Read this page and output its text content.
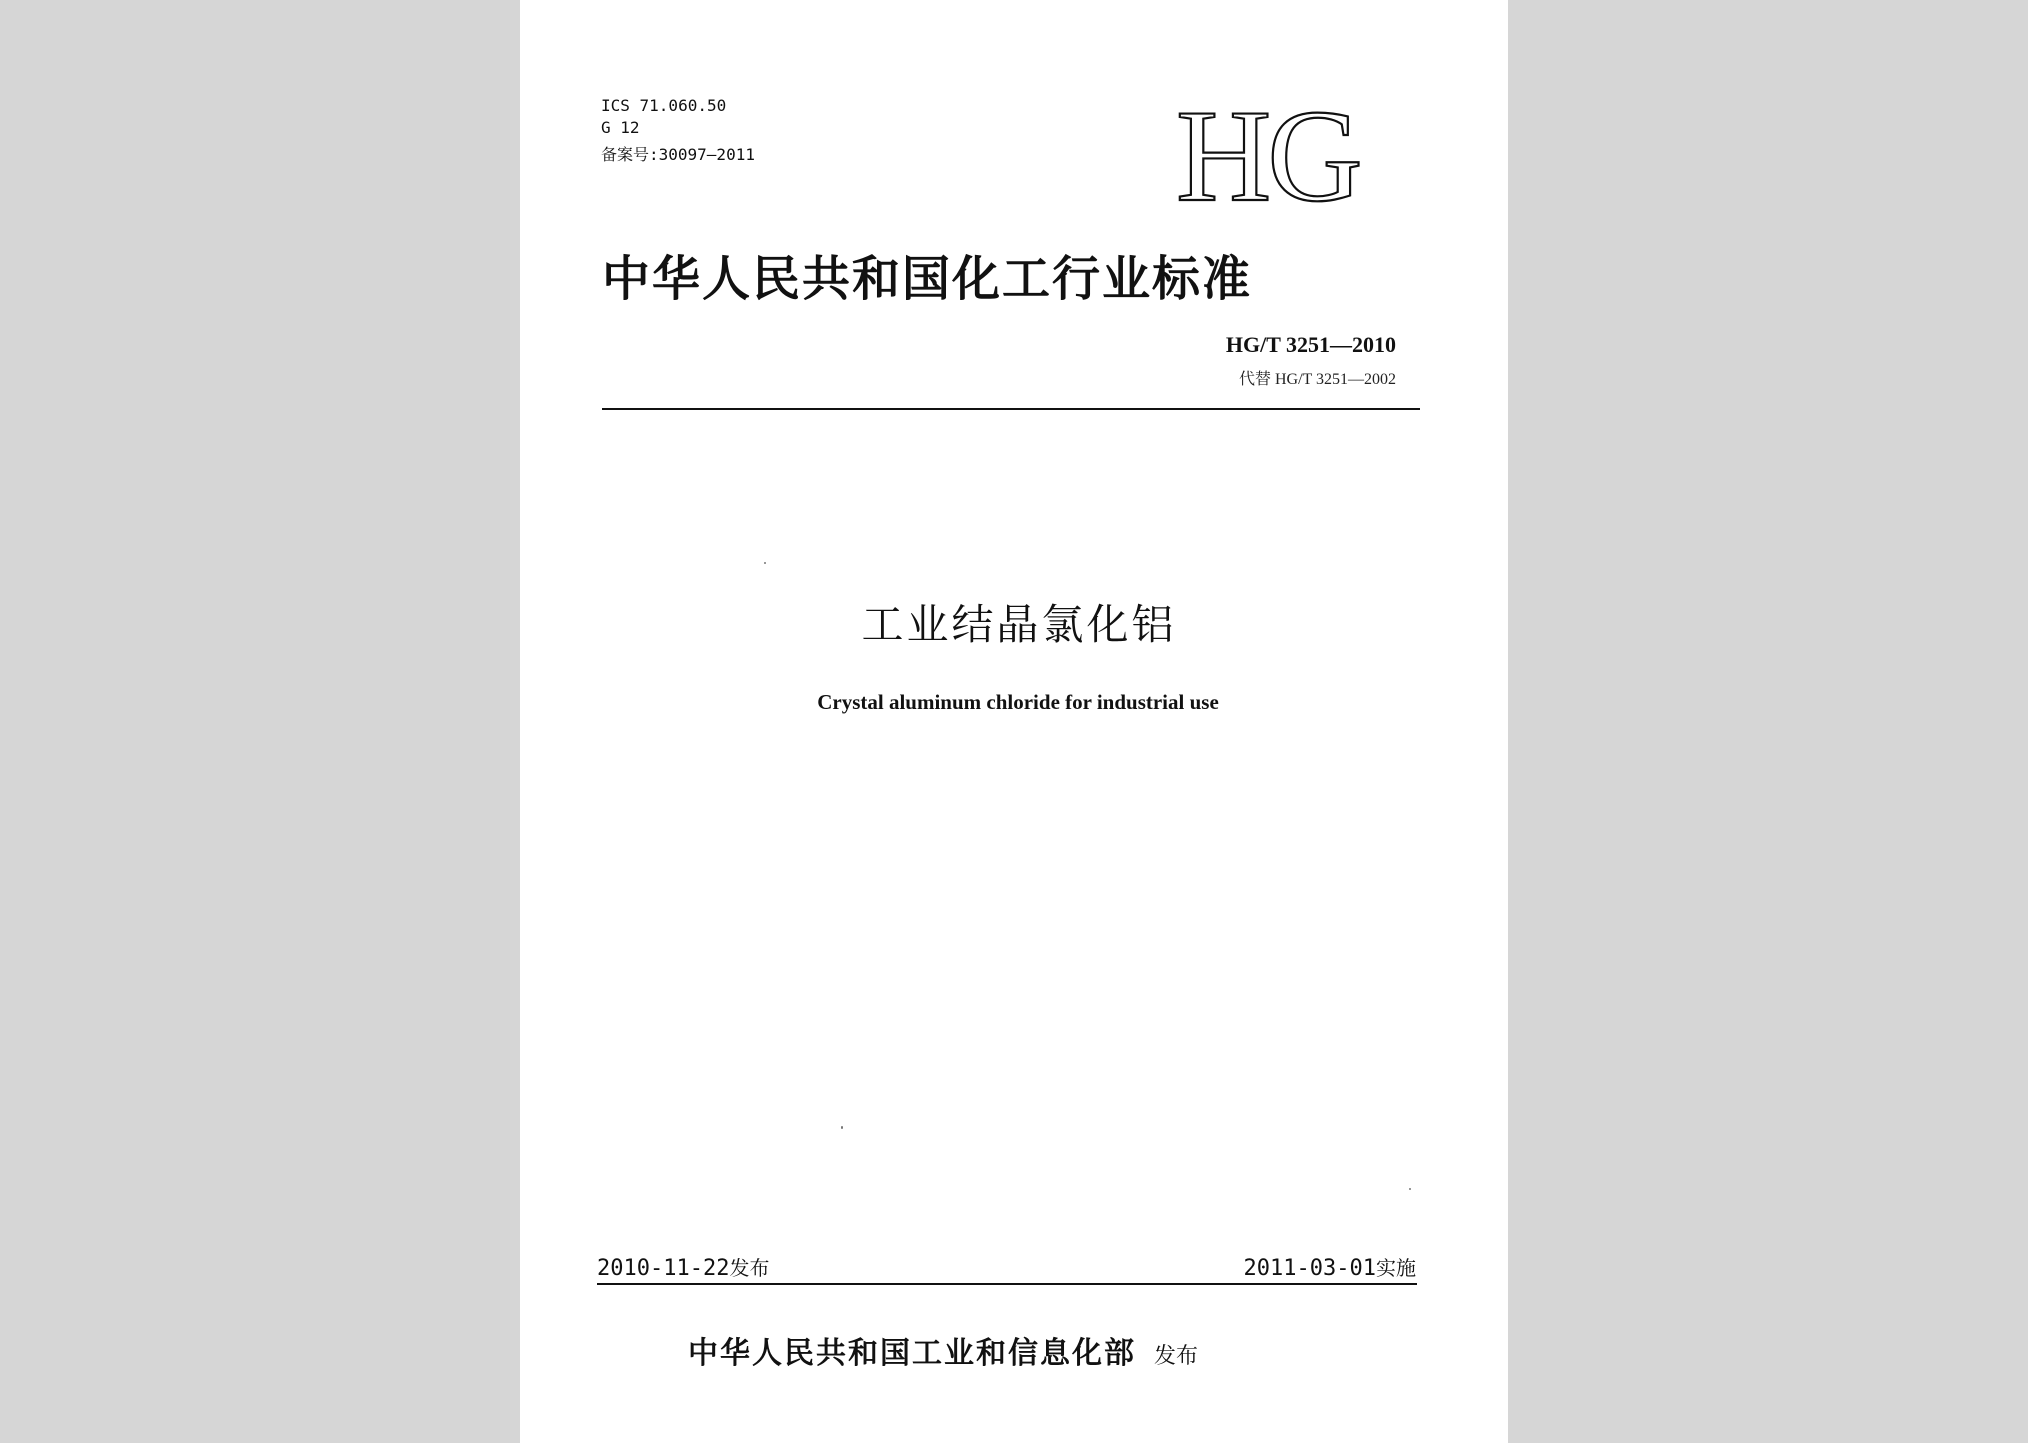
ICS 71.060.50
G 12
备案号:30097—2011	HG
中华人民共和国化工行业标准
HG/T 3251—2010
代替 HG/T 3251—2002
工业结晶氯化铝
Crystal aluminum chloride for industrial use
2010-11-22发布	2011-03-01实施
中华人民共和国工业和信息化部 发布
